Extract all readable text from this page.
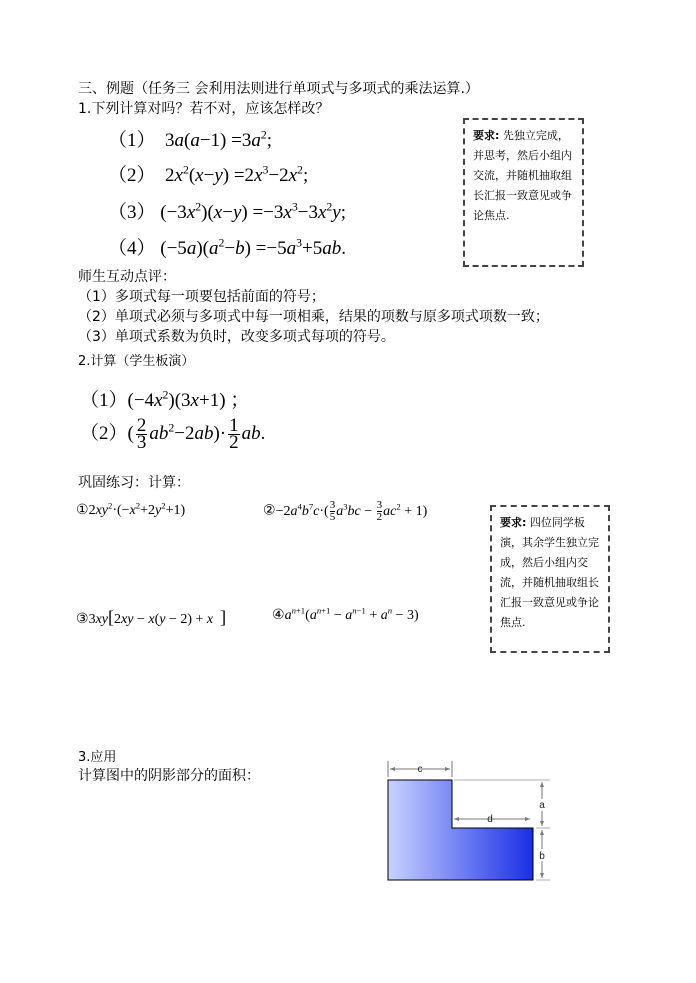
三、例题（任务三 会利用法则进行单项式与多项式的乘法运算.）
1.下列计算对吗？若不对，应该怎样改？
（1）  $3a(a-1) =3a^2$;
（2）  $2x^2(x-y) =2x^3-2x^2$;
（3） $(-3x^2)(x-y) =-3x^3-3x^2y$;
（4） $(-5a)(a^2-b) =-5a^3+5ab$.
要求: 先独立完成，并思考，然后小组内交流，并随机抽取组长汇报一致意见或争论焦点.
师生互动点评：
（1）多项式每一项要包括前面的符号；
（2）单项式必须与多项式中每一项相乘，结果的项数与原多项式项数一致；
（3）单项式系数为负时，改变多项式每项的符号。
2.计算（学生板演）
$(1)(-4x^2)(3x+1)$ ；
$(2)( \frac{2}{3} ab^2-2ab)\cdot \frac{1}{2}$ ab.
巩固练习：计算：
$①2xy^2\cdot(-x^2+2y^2+1)$	$②-2a^4b^7c\cdot( \frac{3}{5} a^3bc - \frac{3}{2} ac^2 + 1)$
要求: 四位同学板演，其余学生独立完成，然后小组内交流，并随机抽取组长汇报一致意见或争论焦点.
③3xy[2xy − x(y − 2) + x ]	$④a^{n+1}(a^{n+1} - a^{n-1} + a^n - 3)$
3.应用
计算图中的阴影部分的面积：	c
d
a
b
